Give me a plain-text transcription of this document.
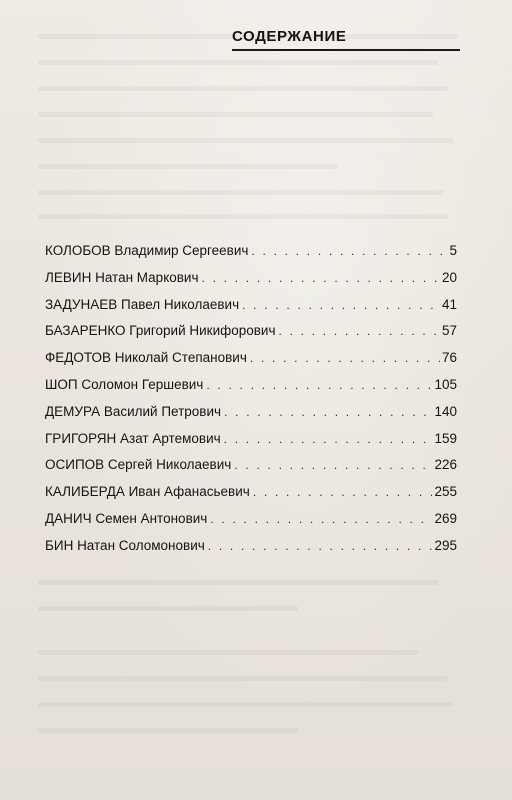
СОДЕРЖАНИЕ
КОЛОБОВ Владимир Сергеевич . . .	5
ЛЕВИН Натан Маркович . . .	20
ЗАДУНАЕВ Павел Николаевич . . .	41
БАЗАРЕНКО Григорий Никифорович . . .	57
ФЕДОТОВ Николай Степанович . . .	76
ШОП Соломон Гершевич . . .	105
ДЕМУРА Василий Петрович . . .	140
ГРИГОРЯН Азат Артемович . . .	159
ОСИПОВ Сергей Николаевич . . .	226
КАЛИБЕРДА Иван Афанасьевич . . .	255
ДАНИЧ Семен Антонович . . .	269
БИН Натан Соломонович . . .	295
